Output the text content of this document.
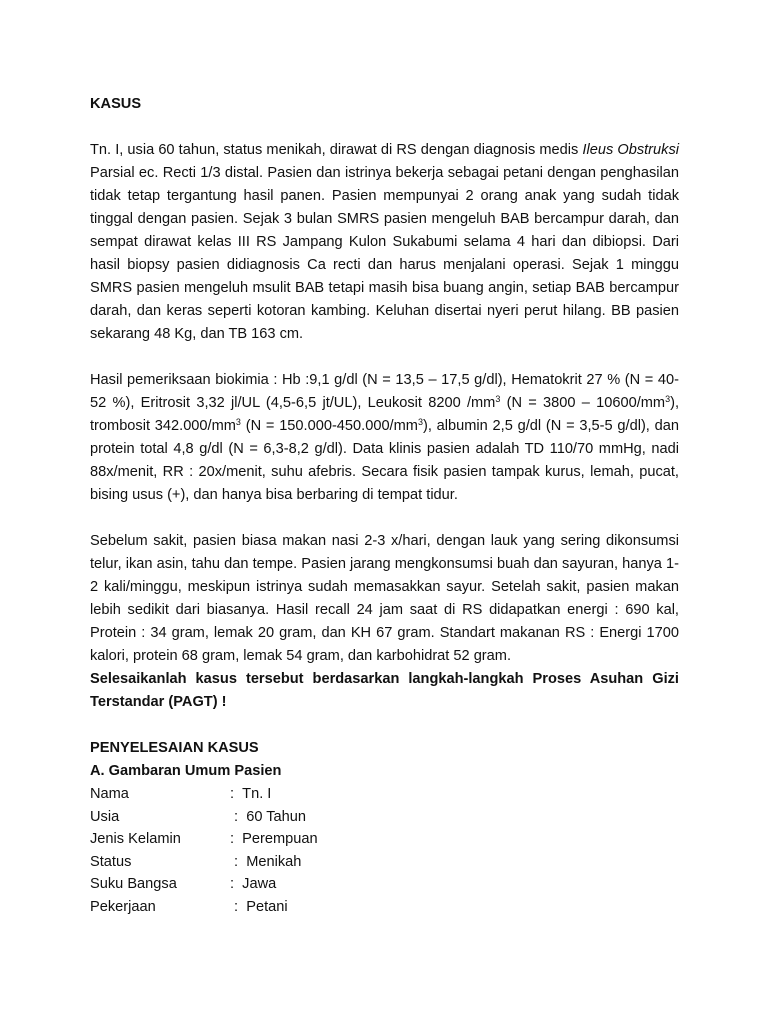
KASUS

Tn. I, usia 60 tahun, status menikah, dirawat di RS dengan diagnosis medis Ileus Obstruksi Parsial ec. Recti 1/3 distal. Pasien dan istrinya bekerja sebagai petani dengan penghasilan tidak tetap tergantung hasil panen. Pasien mempunyai 2 orang anak yang sudah tidak tinggal dengan pasien. Sejak 3 bulan SMRS pasien mengeluh BAB bercampur darah, dan sempat dirawat kelas III RS Jampang Kulon Sukabumi selama 4 hari dan dibiopsi. Dari hasil biopsy pasien didiagnosis Ca recti dan harus menjalani operasi. Sejak 1 minggu SMRS pasien mengeluh msulit BAB tetapi masih bisa buang angin, setiap BAB bercampur darah, dan keras seperti kotoran kambing. Keluhan disertai nyeri perut hilang. BB pasien sekarang 48 Kg, dan TB 163 cm.

Hasil pemeriksaan biokimia : Hb :9,1 g/dl (N = 13,5 – 17,5 g/dl), Hematokrit 27 % (N = 40-52 %), Eritrosit 3,32 jl/UL (4,5-6,5 jt/UL), Leukosit 8200 $/mm^3$ $(N = 3800 - 10600/mm^3)$, trombosit $342.000/mm^3$ $(N = 150.000-450.000/mm^3)$, albumin 2,5 g/dl (N = 3,5-5 g/dl), dan protein total 4,8 g/dl (N = 6,3-8,2 g/dl). Data klinis pasien adalah TD 110/70 mmHg, nadi 88x/menit, RR : 20x/menit, suhu afebris. Secara fisik pasien tampak kurus, lemah, pucat, bising usus (+), dan hanya bisa berbaring di tempat tidur.

Sebelum sakit, pasien biasa makan nasi 2-3 x/hari, dengan lauk yang sering dikonsumsi telur, ikan asin, tahu dan tempe. Pasien jarang mengkonsumsi buah dan sayuran, hanya 1-2 kali/minggu, meskipun istrinya sudah memasakkan sayur. Setelah sakit, pasien makan lebih sedikit dari biasanya. Hasil recall 24 jam saat di RS didapatkan energi : 690 kal, Protein : 34 gram, lemak 20 gram, dan KH 67 gram. Standart makanan RS : Energi 1700 kalori, protein 68 gram, lemak 54 gram, dan karbohidrat 52 gram.

Selesaikanlah kasus tersebut berdasarkan langkah-langkah Proses Asuhan Gizi Terstandar (PAGT) !

PENYELESAIAN KASUS

A. Gambaran Umum Pasien

Nama	: Tn. I
Usia	: 60 Tahun
Jenis Kelamin	: Perempuan
Status	: Menikah
Suku Bangsa	: Jawa
Pekerjaan	: Petani
